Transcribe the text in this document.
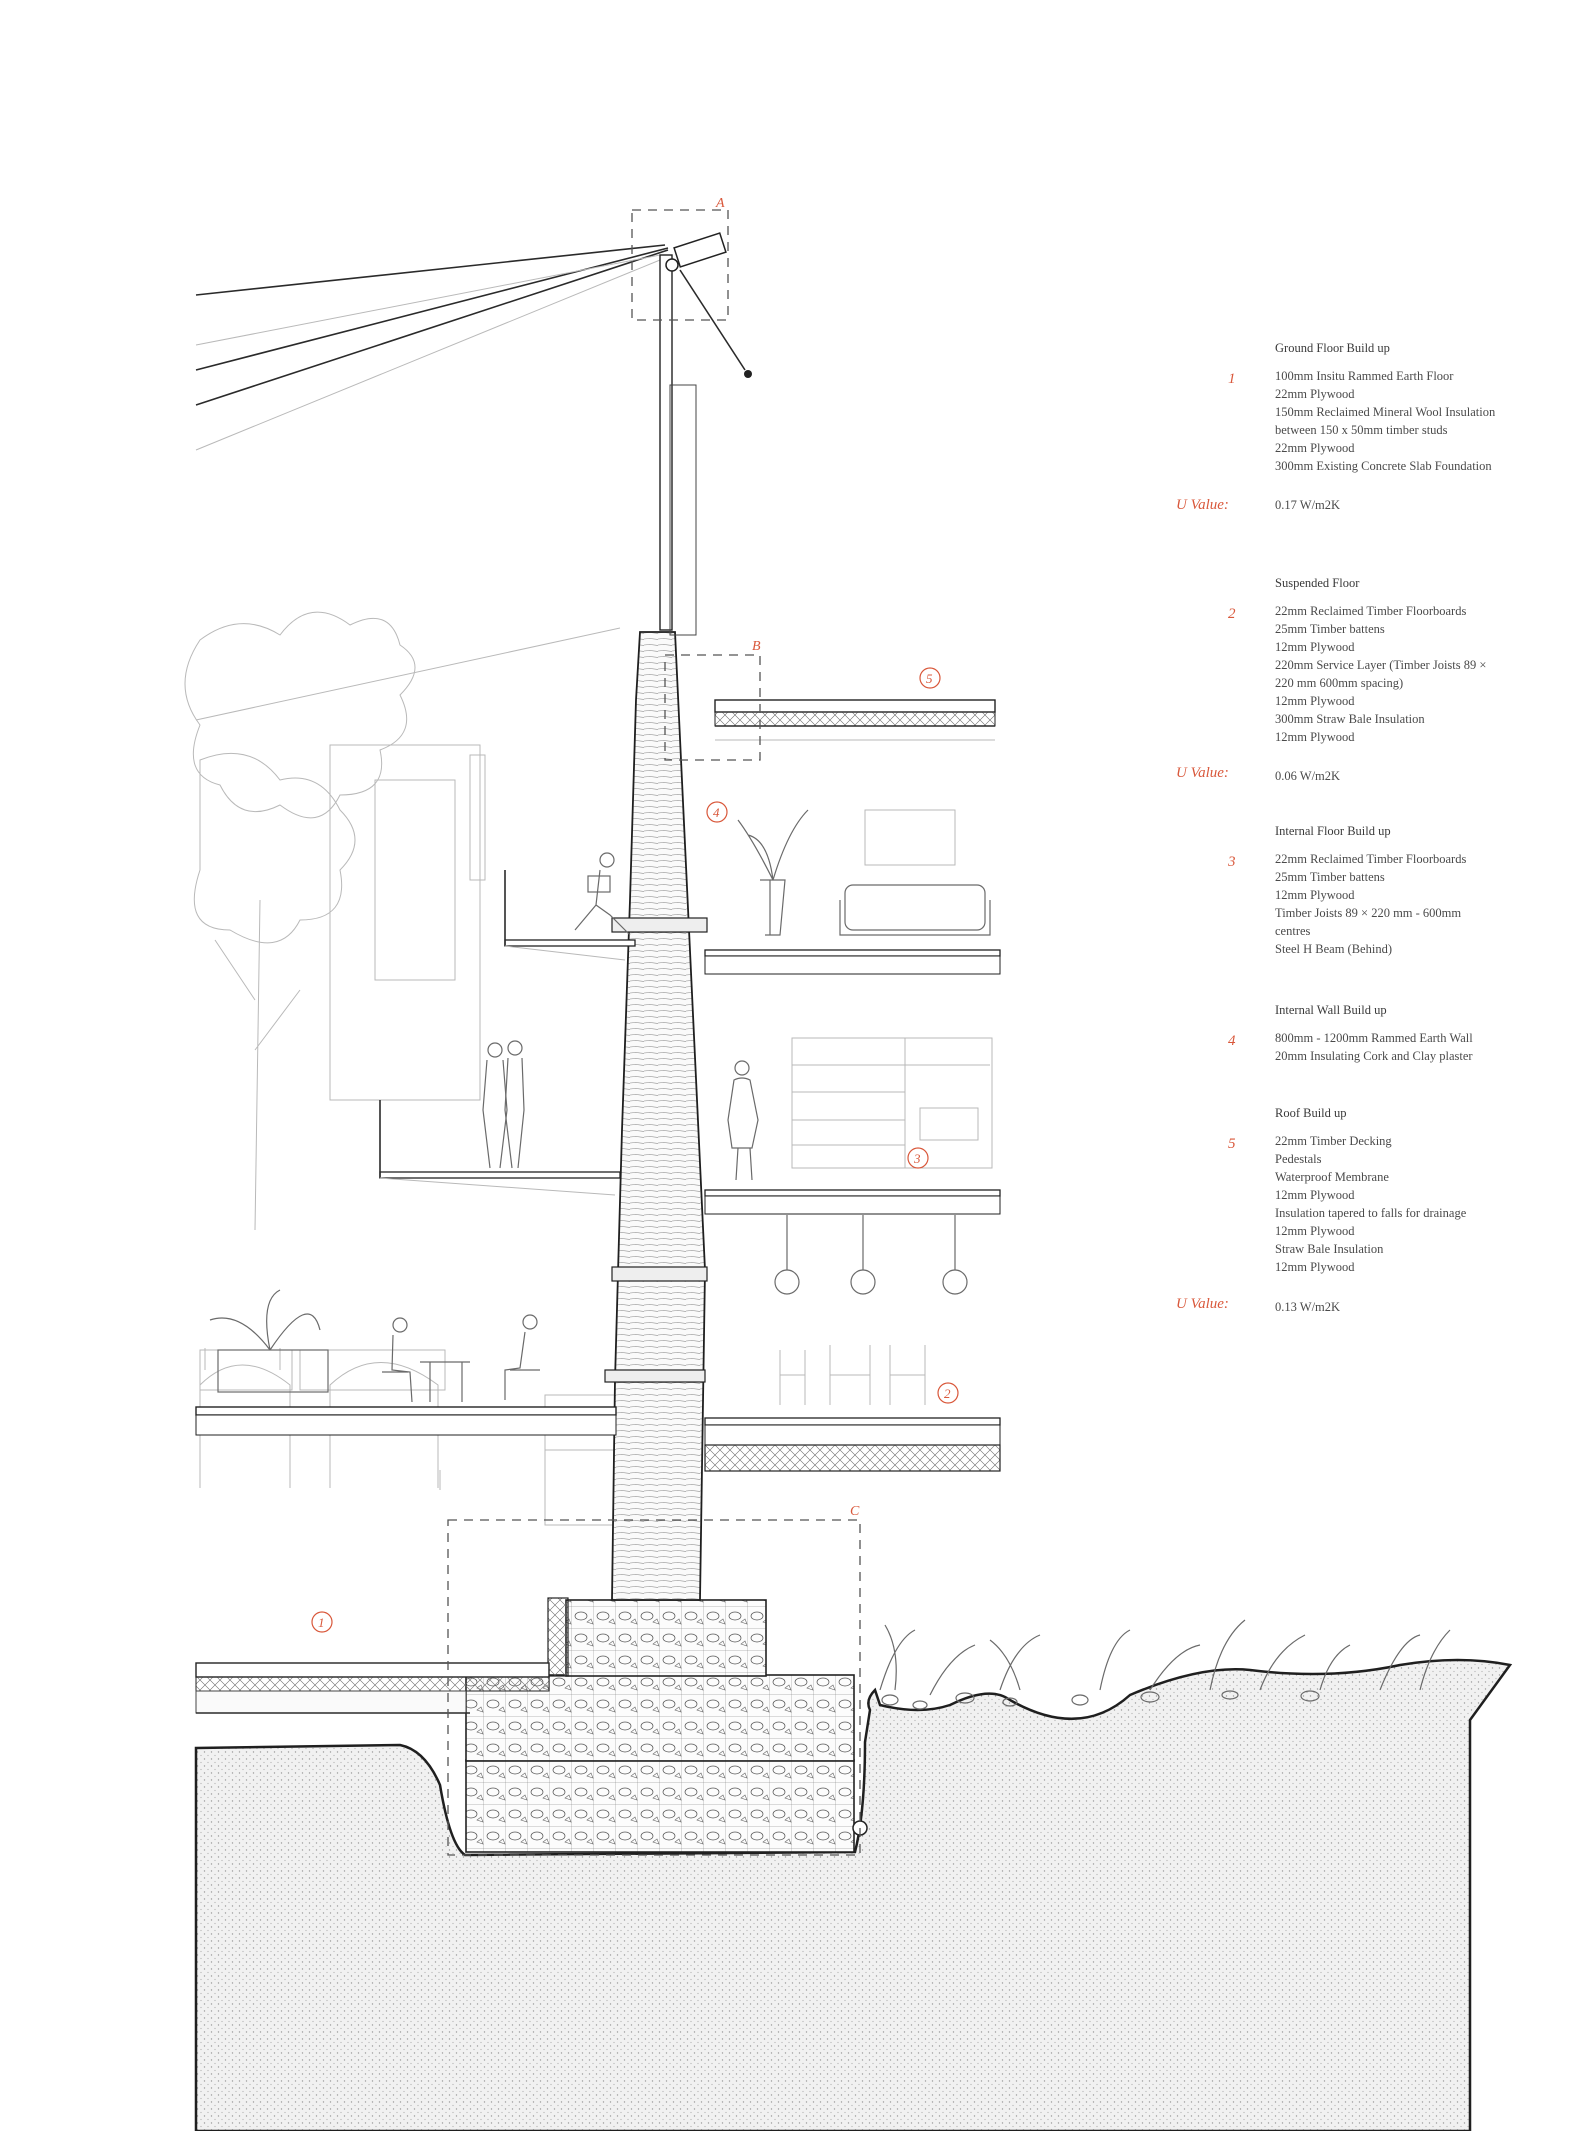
A
B
C
1
2
3
4
5
Ground Floor Build up
1	100mm Insitu Rammed Earth Floor
22mm Plywood
150mm Reclaimed Mineral Wool Insulation
between 150 x 50mm timber studs
22mm Plywood
300mm Existing Concrete Slab Foundation
U Value:	0.17 W/m2K
Suspended Floor
2	22mm Reclaimed Timber Floorboards
25mm Timber battens
12mm Plywood
220mm Service Layer (Timber Joists 89 ×
220 mm 600mm spacing)
12mm Plywood
300mm Straw Bale Insulation
12mm Plywood
U Value:	0.06 W/m2K
Internal Floor Build up
3	22mm Reclaimed Timber Floorboards
25mm Timber battens
12mm Plywood
Timber Joists 89 × 220 mm - 600mm
centres
Steel H Beam (Behind)
Internal Wall Build up
4	800mm - 1200mm Rammed Earth Wall
20mm Insulating Cork and Clay plaster
Roof Build up
5	22mm Timber Decking
Pedestals
Waterproof Membrane
12mm Plywood
Insulation tapered to falls for drainage
12mm Plywood
Straw Bale Insulation
12mm Plywood
U Value:	0.13 W/m2K
